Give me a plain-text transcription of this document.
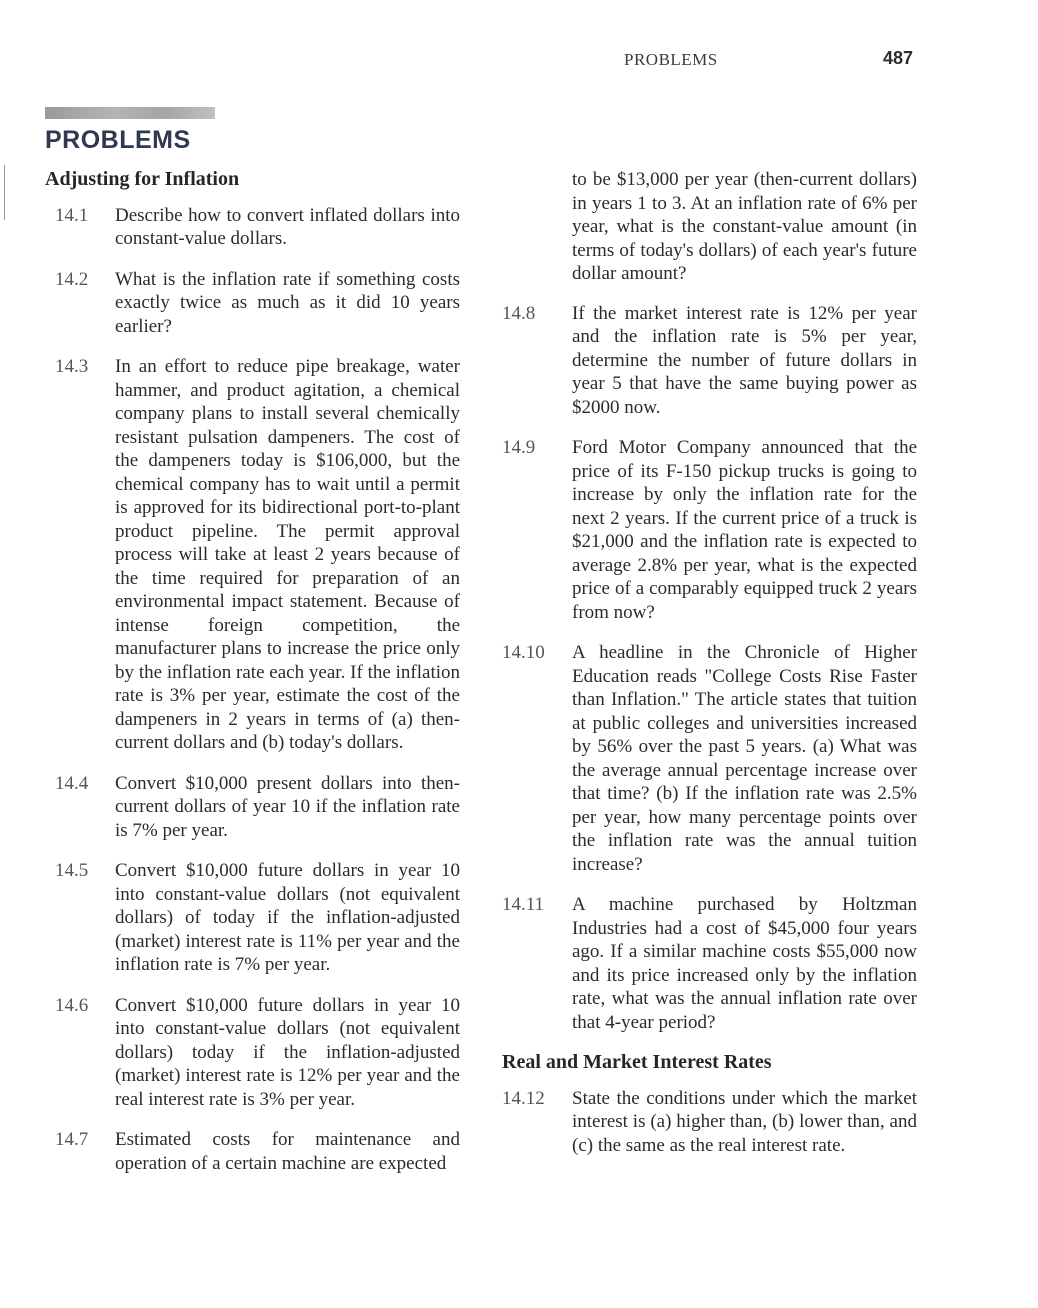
PROBLEMS	487
PROBLEMS
Adjusting for Inflation
14.1 Describe how to convert inflated dollars into constant-value dollars.
14.2 What is the inflation rate if something costs exactly twice as much as it did 10 years earlier?
14.3 In an effort to reduce pipe breakage, water hammer, and product agitation, a chemical company plans to install several chemically resistant pulsation dampeners. The cost of the dampeners today is $106,000, but the chemical company has to wait until a permit is approved for its bidirectional port-to-plant product pipeline. The permit approval process will take at least 2 years because of the time required for preparation of an environmental impact statement. Because of intense foreign competition, the manufacturer plans to increase the price only by the inflation rate each year. If the inflation rate is 3% per year, estimate the cost of the dampeners in 2 years in terms of (a) then-current dollars and (b) today's dollars.
14.4 Convert $10,000 present dollars into then-current dollars of year 10 if the inflation rate is 7% per year.
14.5 Convert $10,000 future dollars in year 10 into constant-value dollars (not equivalent dollars) of today if the inflation-adjusted (market) interest rate is 11% per year and the inflation rate is 7% per year.
14.6 Convert $10,000 future dollars in year 10 into constant-value dollars (not equivalent dollars) today if the inflation-adjusted (market) interest rate is 12% per year and the real interest rate is 3% per year.
14.7 Estimated costs for maintenance and operation of a certain machine are expected
to be $13,000 per year (then-current dollars) in years 1 to 3. At an inflation rate of 6% per year, what is the constant-value amount (in terms of today's dollars) of each year's future dollar amount?
14.8 If the market interest rate is 12% per year and the inflation rate is 5% per year, determine the number of future dollars in year 5 that have the same buying power as $2000 now.
14.9 Ford Motor Company announced that the price of its F-150 pickup trucks is going to increase by only the inflation rate for the next 2 years. If the current price of a truck is $21,000 and the inflation rate is expected to average 2.8% per year, what is the expected price of a comparably equipped truck 2 years from now?
14.10 A headline in the Chronicle of Higher Education reads "College Costs Rise Faster than Inflation." The article states that tuition at public colleges and universities increased by 56% over the past 5 years. (a) What was the average annual percentage increase over that time? (b) If the inflation rate was 2.5% per year, how many percentage points over the inflation rate was the annual tuition increase?
14.11 A machine purchased by Holtzman Industries had a cost of $45,000 four years ago. If a similar machine costs $55,000 now and its price increased only by the inflation rate, what was the annual inflation rate over that 4-year period?
Real and Market Interest Rates
14.12 State the conditions under which the market interest is (a) higher than, (b) lower than, and (c) the same as the real interest rate.
